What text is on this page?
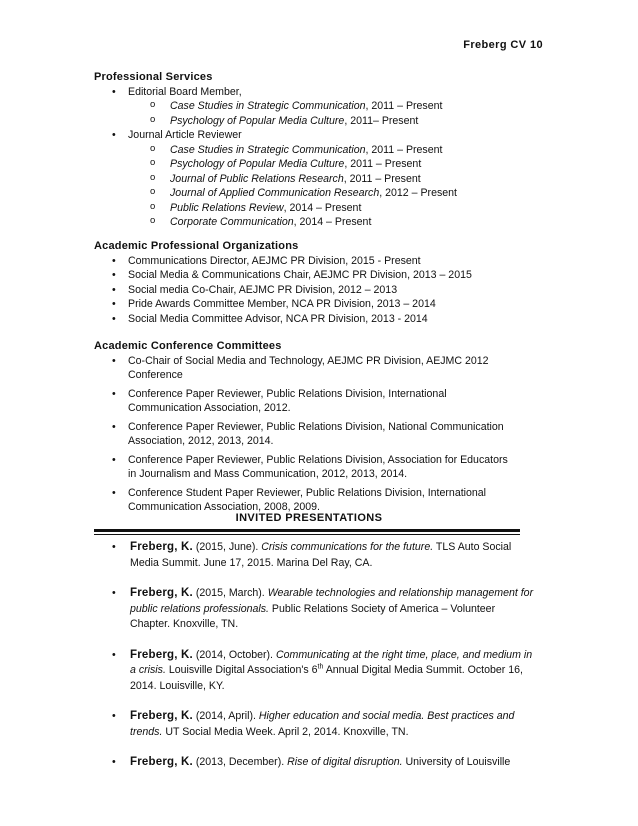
Freberg CV 10

Professional Services

• Editorial Board Member,
o Case Studies in Strategic Communication, 2011 – Present
o Psychology of Popular Media Culture, 2011– Present
• Journal Article Reviewer
o Case Studies in Strategic Communication, 2011 – Present
o Psychology of Popular Media Culture, 2011 – Present
o Journal of Public Relations Research, 2011 – Present
o Journal of Applied Communication Research, 2012 – Present
o Public Relations Review, 2014 – Present
o Corporate Communication, 2014 – Present

Academic Professional Organizations

• Communications Director, AEJMC PR Division, 2015 - Present
• Social Media & Communications Chair, AEJMC PR Division, 2013 – 2015
• Social media Co-Chair, AEJMC PR Division, 2012 – 2013
• Pride Awards Committee Member, NCA PR Division, 2013 – 2014
• Social Media Committee Advisor, NCA PR Division, 2013 - 2014

Academic Conference Committees

• Co-Chair of Social Media and Technology, AEJMC PR Division, AEJMC 2012 Conference
• Conference Paper Reviewer, Public Relations Division, International Communication Association, 2012.
• Conference Paper Reviewer, Public Relations Division, National Communication Association, 2012, 2013, 2014.
• Conference Paper Reviewer, Public Relations Division, Association for Educators in Journalism and Mass Communication, 2012, 2013, 2014.
• Conference Student Paper Reviewer, Public Relations Division, International Communication Association, 2008, 2009.
INVITED PRESENTATIONS
• Freberg, K. (2015, June). Crisis communications for the future. TLS Auto Social Media Summit. June 17, 2015. Marina Del Ray, CA.
• Freberg, K. (2015, March). Wearable technologies and relationship management for public relations professionals. Public Relations Society of America – Volunteer Chapter. Knoxville, TN.
• Freberg, K. (2014, October). Communicating at the right time, place, and medium in a crisis. Louisville Digital Association's 6th Annual Digital Media Summit. October 16, 2014. Louisville, KY.
• Freberg, K. (2014, April). Higher education and social media. Best practices and trends. UT Social Media Week. April 2, 2014. Knoxville, TN.
• Freberg, K. (2013, December). Rise of digital disruption. University of Louisville
